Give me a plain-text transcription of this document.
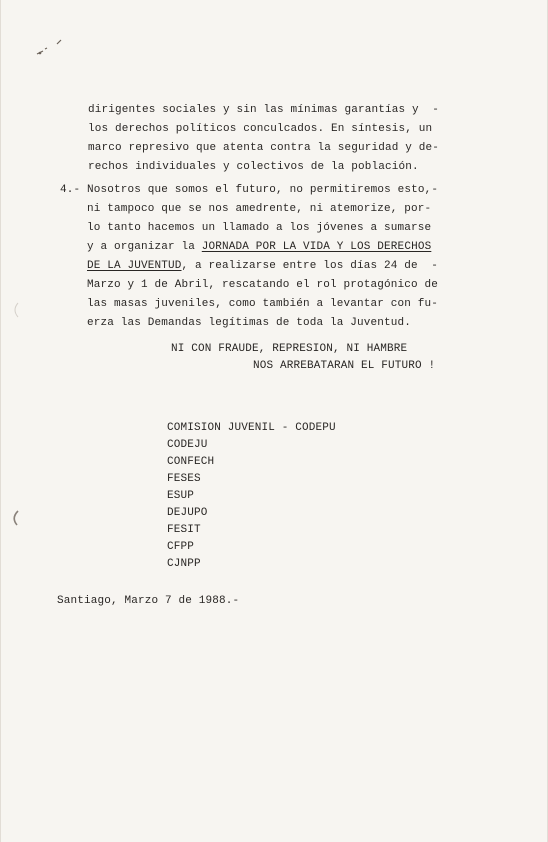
dirigentes sociales y sin las mínimas garantías y  -
los derechos políticos conculcados. En síntesis, un
marco represivo que atenta contra la seguridad y de-
rechos individuales y colectivos de la población.
4.- Nosotros que somos el futuro, no permitiremos esto,-
ni tampoco que se nos amedrente, ni atemorize, por-
lo tanto hacemos un llamado a los jóvenes a sumarse
y a organizar la JORNADA POR LA VIDA Y LOS DERECHOS
DE LA JUVENTUD, a realizarse entre los días 24 de  -
Marzo y 1 de Abril, rescatando el rol protagónico de
las masas juveniles, como también a levantar con fu-
erza las Demandas legítimas de toda la Juventud.
NI CON FRAUDE, REPRESION, NI HAMBRE
NOS ARREBATARAN EL FUTURO !
COMISION JUVENIL - CODEPU
CODEJU
CONFECH
FESES
ESUP
DEJUPO
FESIT
CFPP
CJNPP
Santiago, Marzo 7 de 1988.-
